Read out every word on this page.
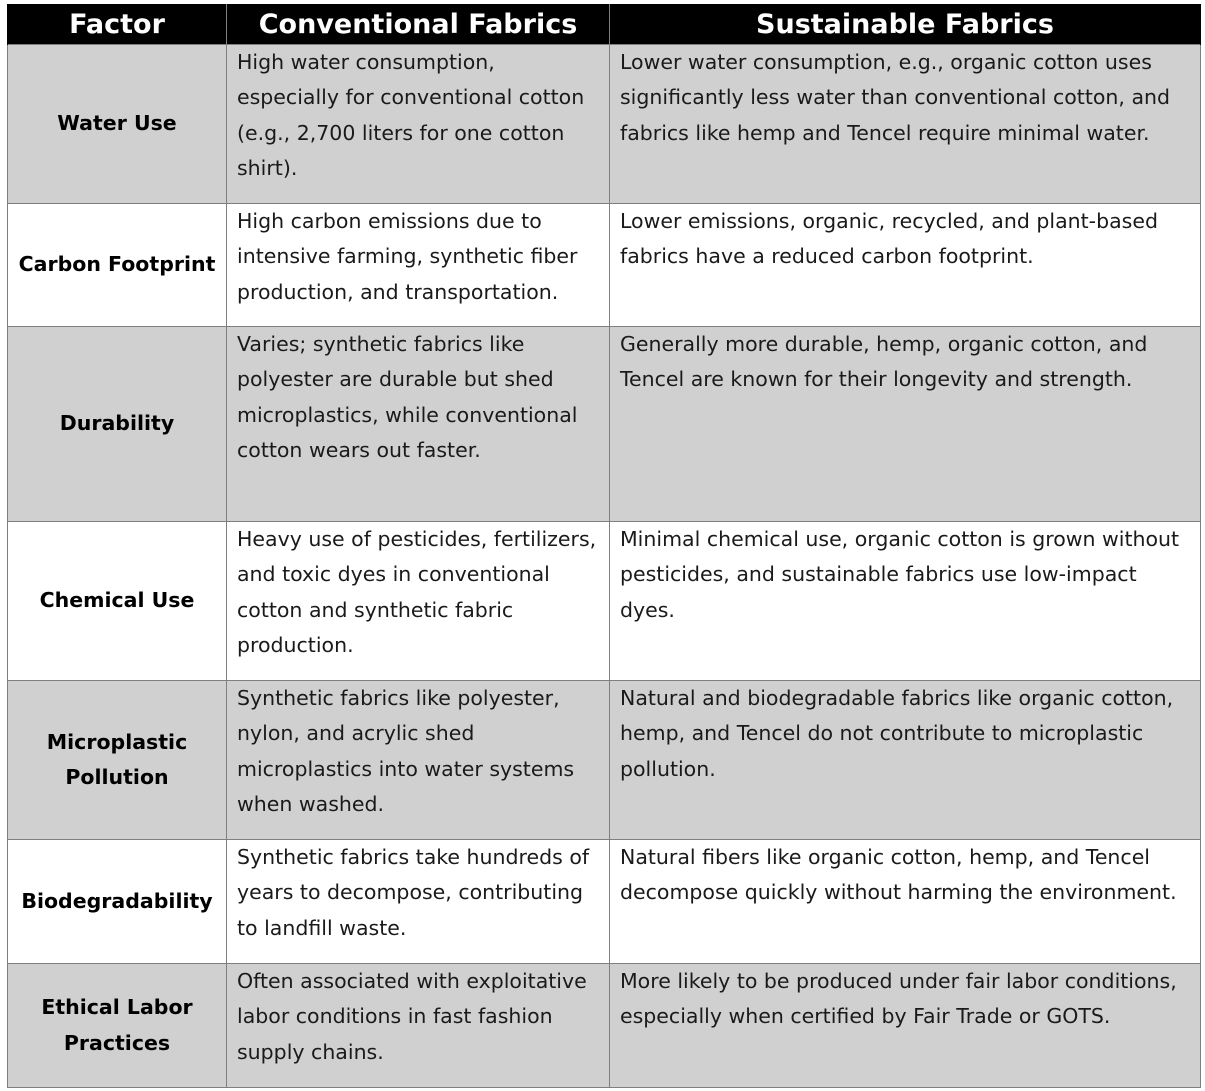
Factor	Conventional Fabrics	Sustainable Fabrics
Water Use	High water consumption, especially for conventional cotton (e.g., 2,700 liters for one cotton shirt).	Lower water consumption, e.g., organic cotton uses significantly less water than conventional cotton, and fabrics like hemp and Tencel require minimal water.
Carbon Footprint	High carbon emissions due to intensive farming, synthetic fiber production, and transportation.	Lower emissions, organic, recycled, and plant-based fabrics have a reduced carbon footprint.
Durability	Varies; synthetic fabrics like polyester are durable but shed microplastics, while conventional cotton wears out faster.	Generally more durable, hemp, organic cotton, and Tencel are known for their longevity and strength.
Chemical Use	Heavy use of pesticides, fertilizers, and toxic dyes in conventional cotton and synthetic fabric production.	Minimal chemical use, organic cotton is grown without pesticides, and sustainable fabrics use low-impact dyes.
Microplastic Pollution	Synthetic fabrics like polyester, nylon, and acrylic shed microplastics into water systems when washed.	Natural and biodegradable fabrics like organic cotton, hemp, and Tencel do not contribute to microplastic pollution.
Biodegradability	Synthetic fabrics take hundreds of years to decompose, contributing to landfill waste.	Natural fibers like organic cotton, hemp, and Tencel decompose quickly without harming the environment.
Ethical Labor Practices	Often associated with exploitative labor conditions in fast fashion supply chains.	More likely to be produced under fair labor conditions, especially when certified by Fair Trade or GOTS.
